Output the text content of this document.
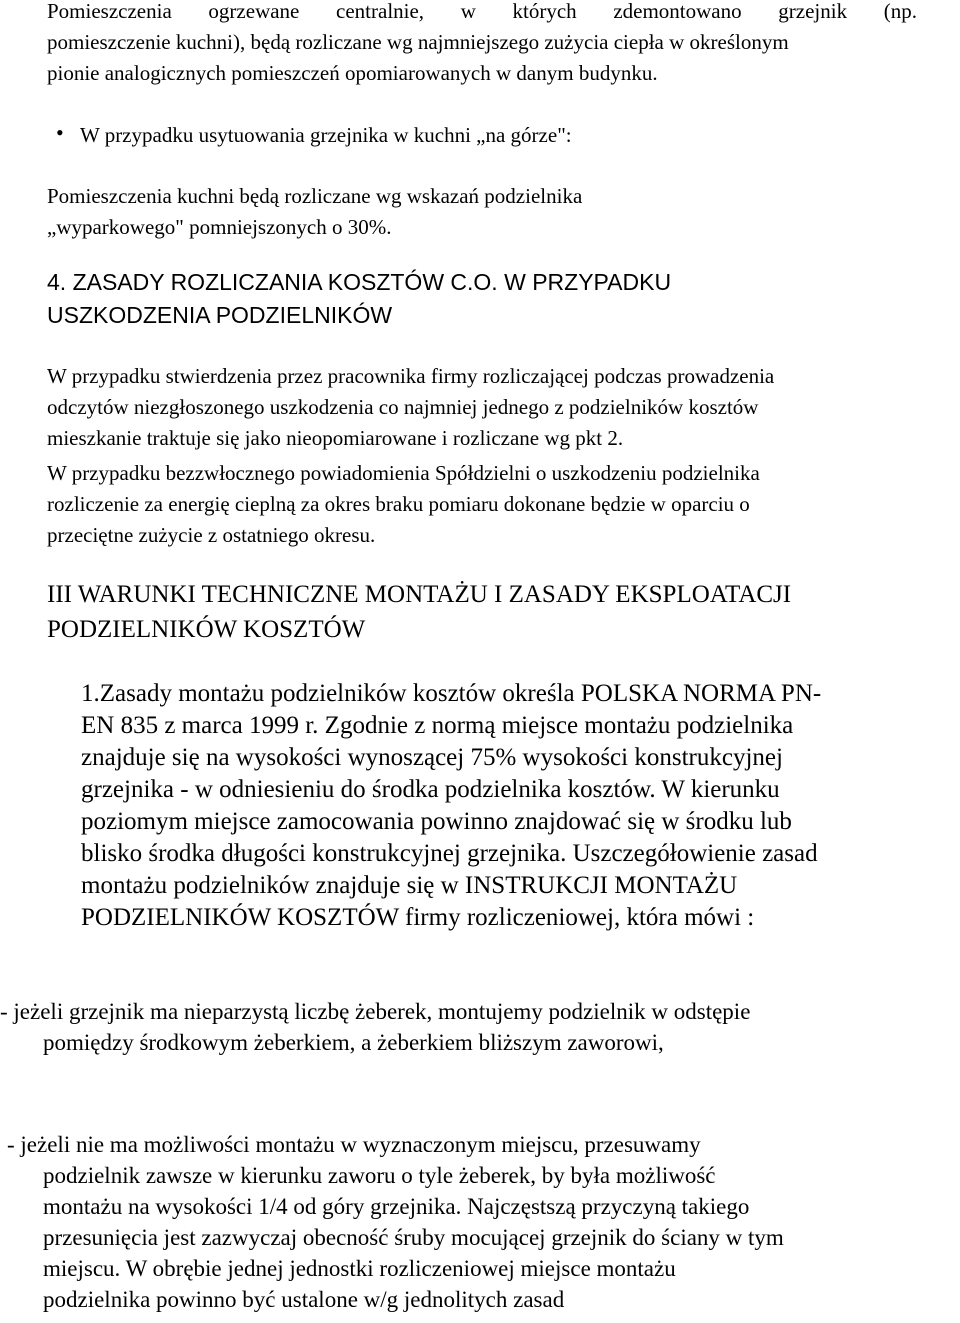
Pomieszczenia ogrzewane centralnie, w których zdemontowano grzejnik (np.
pomieszczenie kuchni), będą rozliczane wg najmniejszego zużycia ciepła w określonym
pionie analogicznych pomieszczeń opomiarowanych w danym budynku.
• W przypadku usytuowania grzejnika w kuchni „na górze":
Pomieszczenia kuchni będą rozliczane wg wskazań podzielnika
„wyparkowego" pomniejszonych o 30%.
4. ZASADY ROZLICZANIA KOSZTÓW C.O. W PRZYPADKU
USZKODZENIA PODZIELNIKÓW
W przypadku stwierdzenia przez pracownika firmy rozliczającej podczas prowadzenia
odczytów niezgłoszonego uszkodzenia co najmniej jednego z podzielników kosztów
mieszkanie traktuje się jako nieopomiarowane i rozliczane wg pkt 2.
W przypadku bezzwłocznego powiadomienia Spółdzielni o uszkodzeniu podzielnika
rozliczenie za energię cieplną za okres braku pomiaru dokonane będzie w oparciu o
przeciętne zużycie z ostatniego okresu.
III WARUNKI TECHNICZNE MONTAŻU I ZASADY EKSPLOATACJI
PODZIELNIKÓW KOSZTÓW
1.Zasady montażu podzielników kosztów określa POLSKA NORMA PN-
EN 835 z marca 1999 r. Zgodnie z normą miejsce montażu podzielnika
znajduje się na wysokości wynoszącej 75% wysokości konstrukcyjnej
grzejnika - w odniesieniu do środka podzielnika kosztów. W kierunku
poziomym miejsce zamocowania powinno znajdować się w środku lub
blisko środka długości konstrukcyjnej grzejnika. Uszczegółowienie zasad
montażu podzielników znajduje się w INSTRUKCJI MONTAŻU
PODZIELNIKÓW KOSZTÓW firmy rozliczeniowej, która mówi :
- jeżeli grzejnik ma nieparzystą liczbę żeberek, montujemy podzielnik w odstępie
pomiędzy środkowym żeberkiem, a żeberkiem bliższym zaworowi,
- jeżeli nie ma możliwości montażu w wyznaczonym miejscu, przesuwamy
podzielnik zawsze w kierunku zaworu o tyle żeberek, by była możliwość
montażu na wysokości 1/4 od góry grzejnika. Najczęstszą przyczyną takiego
przesunięcia jest zazwyczaj obecność śruby mocującej grzejnik do ściany w tym
miejscu. W obrębie jednej jednostki rozliczeniowej miejsce montażu
podzielnika powinno być ustalone w/g jednolitych zasad
